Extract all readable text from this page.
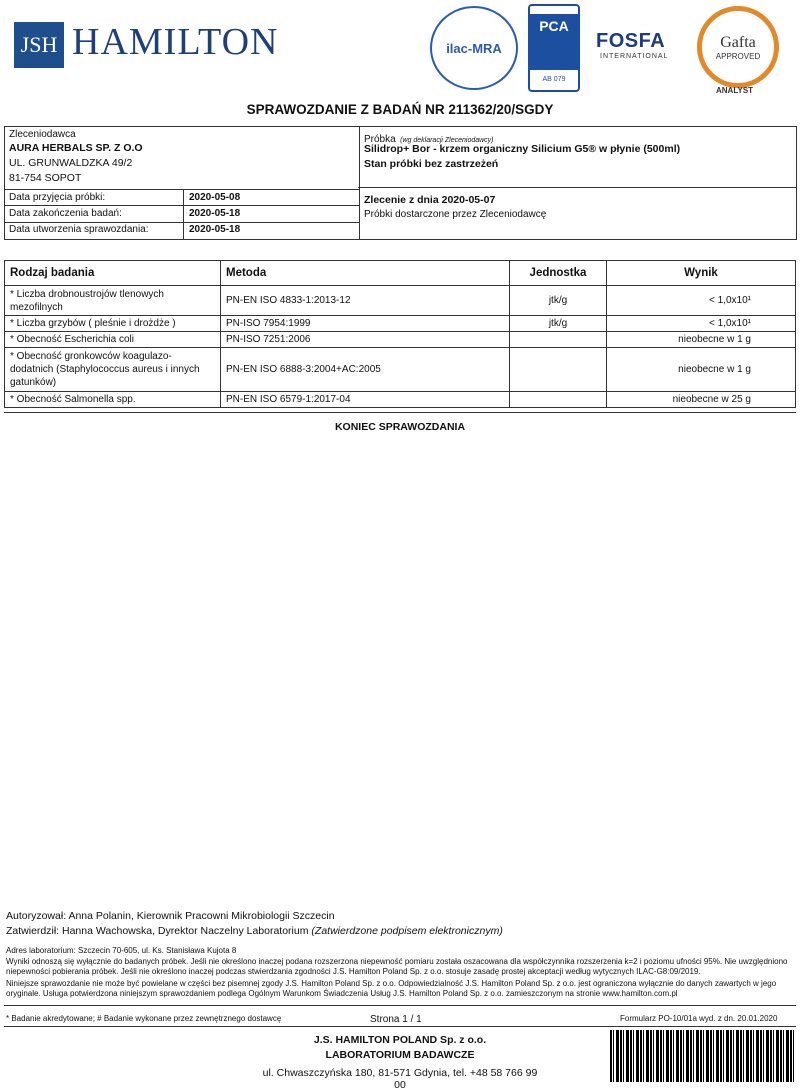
JSH HAMILTON	ilac-MRA
PCA
AB 079
FOSFA
INTERNATIONAL
Gafta
APPROVED
ANALYST
SPRAWOZDANIE Z BADAŃ NR 211362/20/SGDY
Zleceniodawca
AURA HERBALS SP. Z O.O
UL. GRUNWALDZKA 49/2
81-754 SOPOT
Data przyjęcia próbki:	2020-05-08
Data zakończenia badań:	2020-05-18
Data utworzenia sprawozdania:	2020-05-18
Próbka (wg deklaracji Zleceniodawcy)
Silidrop+ Bor - krzem organiczny Silicium G5® w płynie (500ml)
Stan próbki bez zastrzeżeń
Zlecenie z dnia 2020-05-07
Próbki dostarczone przez Zleceniodawcę
Rodzaj badania	Metoda	Jednostka	Wynik
* Liczba drobnoustrojów tlenowych mezofilnych	PN-EN ISO 4833-1:2013-12	jtk/g	< 1,0x10¹
* Liczba grzybów ( pleśnie i drożdże )	PN-ISO 7954:1999	jtk/g	< 1,0x10¹
* Obecność Escherichia coli	PN-ISO 7251:2006		nieobecne w 1 g
* Obecność gronkowców koagulazo-dodatnich (Staphylococcus aureus i innych gatunków)	PN-EN ISO 6888-3:2004+AC:2005		nieobecne w 1 g
* Obecność Salmonella spp.	PN-EN ISO 6579-1:2017-04		nieobecne w 25 g
KONIEC SPRAWOZDANIA
Autoryzował: Anna Polanin, Kierownik Pracowni Mikrobiologii Szczecin
Zatwierdził: Hanna Wachowska, Dyrektor Naczelny Laboratorium (Zatwierdzone podpisem elektronicznym)
Adres laboratorium: Szczecin 70-605, ul. Ks. Stanisława Kujota 8
Wyniki odnoszą się wyłącznie do badanych próbek. Jeśli nie określono inaczej podana rozszerzona niepewność pomiaru została oszacowana dla współczynnika rozszerzenia k=2 i poziomu ufności 95%. Nie uwzględniono niepewności pobierania próbek. Jeśli nie określono inaczej podczas stwierdzania zgodności J.S. Hamilton Poland Sp. z o.o. stosuje zasadę prostej akceptacji według wytycznych ILAC-G8:09/2019.
Niniejsze sprawozdanie nie może być powielane w części bez pisemnej zgody J.S. Hamilton Poland Sp. z o.o. Odpowiedzialność J.S. Hamilton Poland Sp. z o.o. jest ograniczona wyłącznie do danych zawartych w jego oryginale. Usługa potwierdzona niniejszym sprawozdaniem podlega Ogólnym Warunkom Świadczenia Usług J.S. Hamilton Poland Sp. z o.o. zamieszczonym na stronie www.hamilton.com.pl
* Badanie akredytowane; # Badanie wykonane przez zewnętrznego dostawcę	Strona 1 / 1	Formularz PO-10/01a wyd. z dn. 20.01.2020
J.S. HAMILTON POLAND Sp. z o.o.
LABORATORIUM BADAWCZE
ul. Chwaszczyńska 180, 81-571 Gdynia, tel. +48 58 766 99 00
